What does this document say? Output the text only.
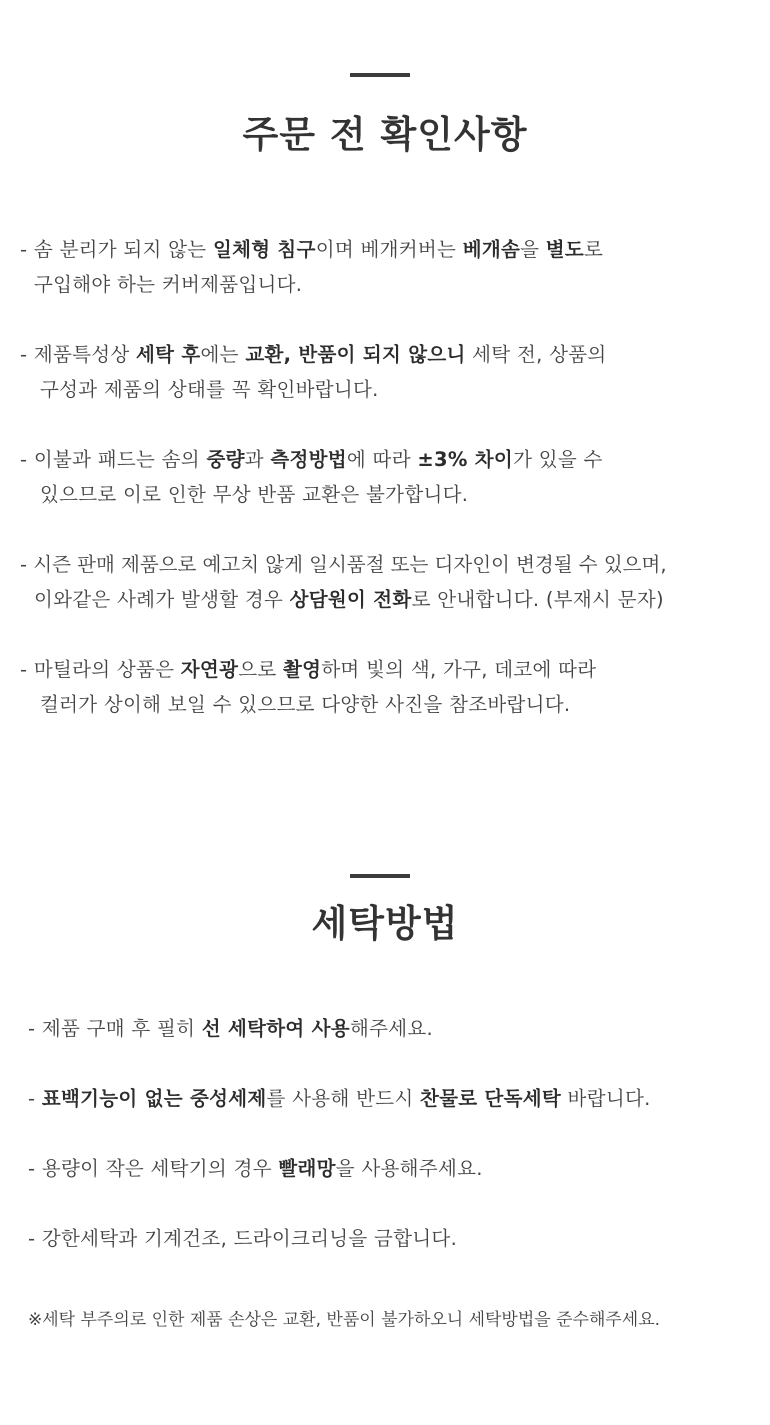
주문 전 확인사항
- 솜 분리가 되지 않는 일체형 침구이며 베개커버는 베개솜을 별도로
구입해야 하는 커버제품입니다.
- 제품특성상 세탁 후에는 교환, 반품이 되지 않으니 세탁 전, 상품의
구성과 제품의 상태를 꼭 확인바랍니다.
- 이불과 패드는 솜의 중량과 측정방법에 따라 ±3% 차이가 있을 수
있으므로 이로 인한 무상 반품 교환은 불가합니다.
- 시즌 판매 제품으로 예고치 않게 일시품절 또는 디자인이 변경될 수 있으며,
이와같은 사례가 발생할 경우 상담원이 전화로 안내합니다. (부재시 문자)
- 마틸라의 상품은 자연광으로 촬영하며 빛의 색, 가구, 데코에 따라
컬러가 상이해 보일 수 있으므로 다양한 사진을 참조바랍니다.
세탁방법
- 제품 구매 후 필히 선 세탁하여 사용해주세요.
- 표백기능이 없는 중성세제를 사용해 반드시 찬물로 단독세탁 바랍니다.
- 용량이 작은 세탁기의 경우 빨래망을 사용해주세요.
- 강한세탁과 기계건조, 드라이크리닝을 금합니다.
※세탁 부주의로 인한 제품 손상은 교환, 반품이 불가하오니 세탁방법을 준수해주세요.
